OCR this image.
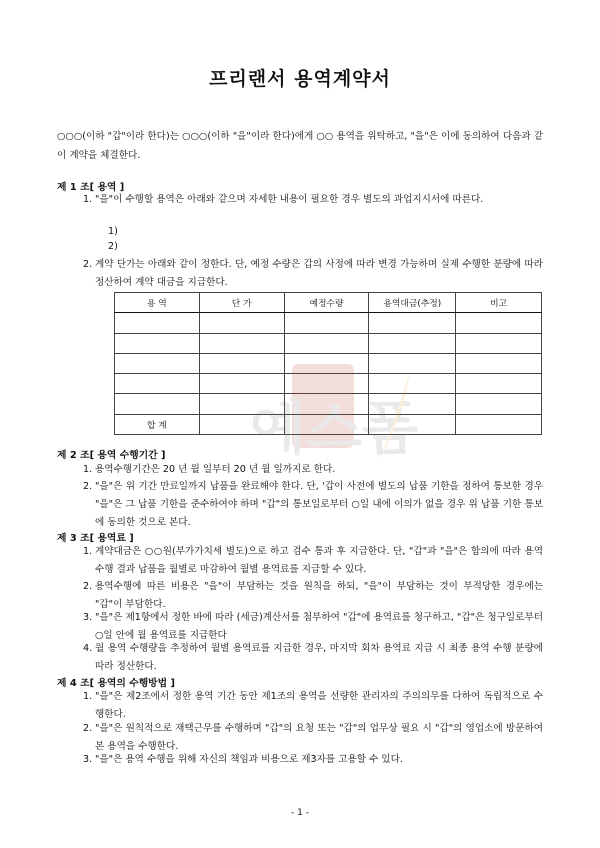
프리랜서 용역계약서
○○○(이하 "갑"이라 한다)는 ○○○(이하 "을"이라 한다)에게 ○○ 용역을 위탁하고, "을"은 이에 동의하여 다음과 같이 계약을 체결한다.
제 1 조[ 용역 ]
1. "을"이 수행할 용역은 아래와 같으며 자세한 내용이 필요한 경우 별도의 과업지시서에 따른다.
1)
2)
2. 계약 단가는 아래와 같이 정한다. 단, 예정 수량은 갑의 사정에 따라 변경 가능하며 실제 수행한 분량에 따라 정산하여 계약 대금을 지급한다.
용 역	단 가	예정수량	용역대금(추정)	비고

합 계				예스폼
제 2 조[ 용역 수행기간 ]
1. 용역수행기간은 20 년 월 일부터 20 년 월 일까지로 한다.
2. "을"은 위 기간 만료일까지 납품을 완료해야 한다. 단, '갑이 사전에 별도의 납품 기한을 정하여 통보한 경우 "을"은 그 납품 기한을 준수하여야 하며 "갑"의 통보일로부터 ○일 내에 이의가 없을 경우 위 납품 기한 통보에 동의한 것으로 본다.
제 3 조[ 용역료 ]
1. 계약대금은 ○○원(부가가치세 별도)으로 하고 검수 통과 후 지급한다. 단, "갑"과 "을"은 합의에 따라 용역수행 결과 납품을 월별로 마감하여 월별 용역료를 지급할 수 있다.
2. 용역수행에 따른 비용은 "을"이 부담하는 것을 원칙을 하되, "을"이 부담하는 것이 부적당한 경우에는 "갑"이 부담한다.
3. "을"은 제1항에서 정한 바에 따라 (세금)계산서를 첨부하여 "갑"에 용역료를 청구하고, "갑"은 청구일로부터 ○일 안에 월 용역료를 지급한다
4. 월 용역 수행량을 추정하여 월별 용역료를 지급한 경우, 마지막 회차 용역료 지급 시 최종 용역 수행 분량에 따라 정산한다.
제 4 조[ 용역의 수행방법 ]
1. "을"은 제2조에서 정한 용역 기간 동안 제1조의 용역을 선량한 관리자의 주의의무를 다하여 독립적으로 수행한다.
2. "을"은 원칙적으로 재택근무를 수행하며 "갑"의 요청 또는 "갑"의 업무상 필요 시 "갑"의 영업소에 방문하여 본 용역을 수행한다.
3. "을"은 용역 수행을 위해 자신의 책임과 비용으로 제3자를 고용할 수 있다.
- 1 -
